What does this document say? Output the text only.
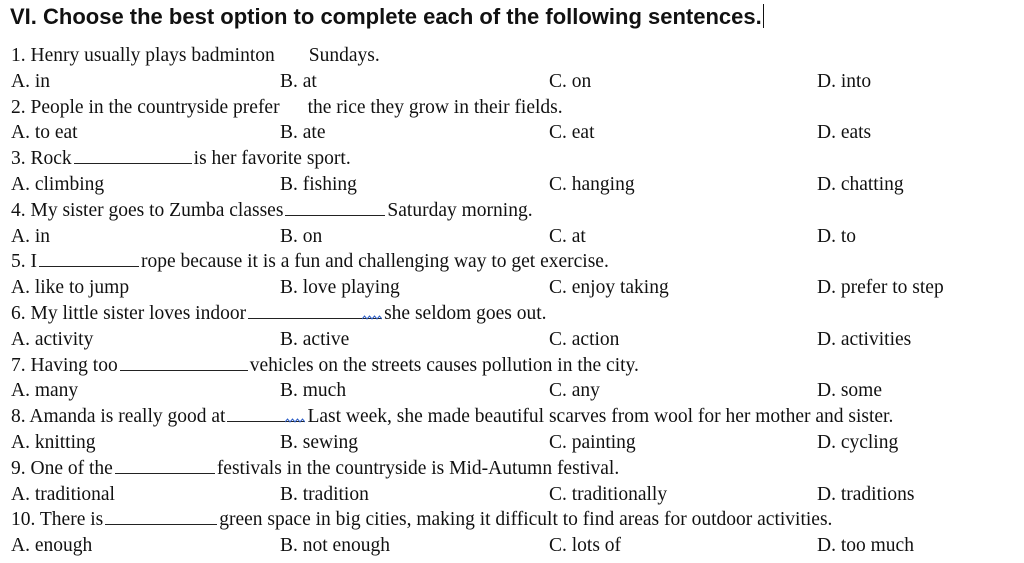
VI. Choose the best option to complete each of the following sentences.
1. Henry usually plays badminton Sundays.
A. in	B. at	C. on	D. into
2. People in the countryside prefer the rice they grow in their fields.
A. to eat	B. ate	C. eat	D. eats
3. Rock	is her favorite sport.
A. climbing	B. fishing	C. hanging	D. chatting
4. My sister goes to Zumba classes	Saturday morning.
A. in	B. on	C. at	D. to
5. I	rope because it is a fun and challenging way to get exercise.
A. like to jump	B. love playing	C. enjoy taking	D. prefer to step
6. My little sister loves indoor	she seldom goes out.
A. activity	B. active	C. action	D. activities
7. Having too	vehicles on the streets causes pollution in the city.
A. many	B. much	C. any	D. some
8. Amanda is really good at	Last week, she made beautiful scarves from wool for her mother and sister.
A. knitting	B. sewing	C. painting	D. cycling
9. One of the	festivals in the countryside is Mid-Autumn festival.
A. traditional	B. tradition	C. traditionally	D. traditions
10. There is	green space in big cities, making it difficult to find areas for outdoor activities.
A. enough	B. not enough	C. lots of	D. too much
